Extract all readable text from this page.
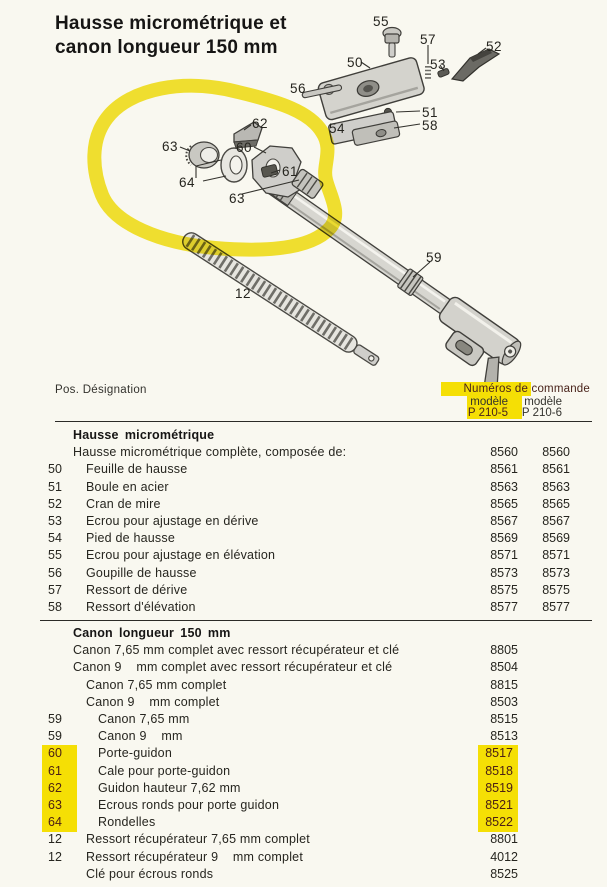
Hausse micrométrique et
canon longueur 150 mm
55
57	52
53
50
56
51
58
54
62
60
63
61
64
63
12
59
Pos. Désignation	Numéros de commande
modèle modèle
P 210-5 P 210-6
Hausse micrométrique
Hausse micrométrique complète, composée de:	8560 8560
50 Feuille de hausse	8561 8561
51 Boule en acier	8563 8563
52 Cran de mire	8565 8565
53 Ecrou pour ajustage en dérive	8567 8567
54 Pied de hausse	8569 8569
55 Ecrou pour ajustage en élévation	8571 8571
56 Goupille de hausse	8573 8573
57 Ressort de dérive	8575 8575
58 Ressort d'élévation	8577 8577
Canon longueur 150 mm
Canon 7,65 mm complet avec ressort récupérateur et clé	8805
Canon 9    mm complet avec ressort récupérateur et clé	8504
Canon 7,65 mm complet	8815
Canon 9    mm complet	8503
59	Canon 7,65 mm	8515
59	Canon 9    mm	8513
60	Porte-guidon	8517
61	Cale pour porte-guidon	8518
62	Guidon hauteur 7,62 mm	8519
63	Ecrous ronds pour porte guidon	8521
64	Rondelles	8522
12 Ressort récupérateur 7,65 mm complet	8801
12 Ressort récupérateur 9    mm complet	4012
Clé pour écrous ronds	8525
